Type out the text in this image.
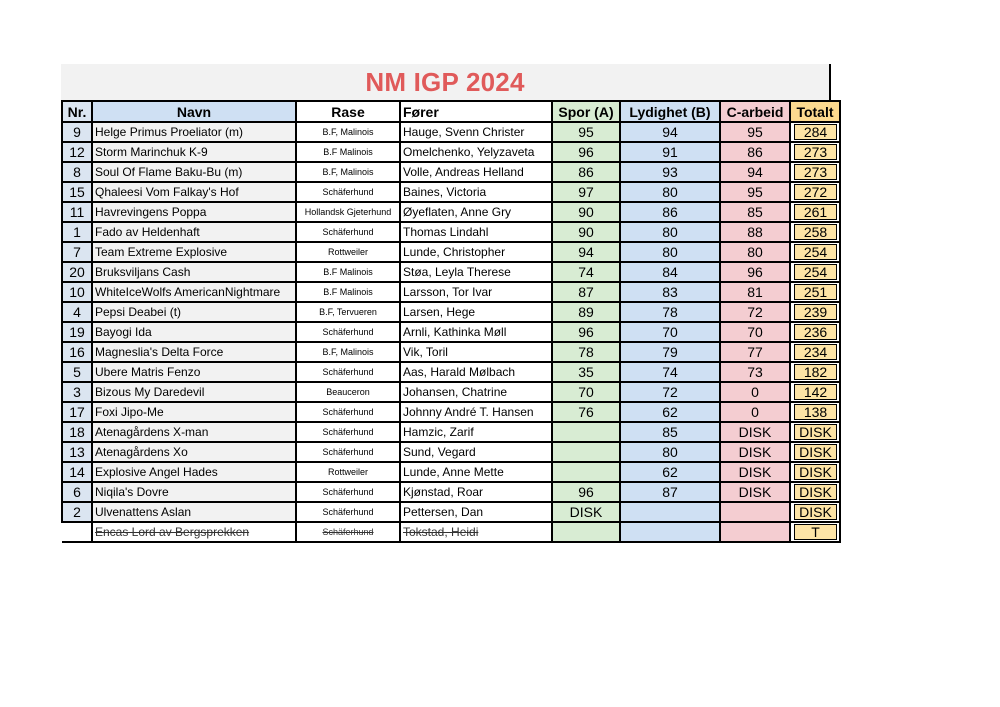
NM IGP 2024
Nr.	Navn	Rase	Fører	Spor (A)	Lydighet (B)	C-arbeid	Totalt
9	Helge Primus Proeliator (m)	B.F, Malinois	Hauge, Svenn Christer	95	94	95	284

12	Storm Marinchuk K-9	B.F Malinois	Omelchenko, Yelyzaveta	96	91	86	273

8	Soul Of Flame Baku-Bu (m)	B.F, Malinois	Volle, Andreas Helland	86	93	94	273

15	Qhaleesi Vom Falkay's Hof	Schäferhund	Baines, Victoria	97	80	95	272

11	Havrevingens Poppa	Hollandsk Gjeterhund	Øyeflaten, Anne Gry	90	86	85	261

1	Fado av Heldenhaft	Schäferhund	Thomas Lindahl	90	80	88	258

7	Team Extreme Explosive	Rottweiler	Lunde, Christopher	94	80	80	254

20	Bruksviljans Cash	B.F Malinois	Støa, Leyla Therese	74	84	96	254

10	WhiteIceWolfs AmericanNightmare	B.F Malinois	Larsson, Tor Ivar	87	83	81	251

4	Pepsi Deabei (t)	B.F, Tervueren	Larsen, Hege	89	78	72	239

19	Bayogi Ida	Schäferhund	Arnli, Kathinka Møll	96	70	70	236

16	Magneslia's Delta Force	B.F, Malinois	Vik, Toril	78	79	77	234

5	Ubere Matris Fenzo	Schäferhund	Aas, Harald Mølbach	35	74	73	182

3	Bizous My Daredevil	Beauceron	Johansen, Chatrine	70	72	0	142

17	Foxi Jipo-Me	Schäferhund	Johnny André T. Hansen	76	62	0	138

18	Atenagårdens X-man	Schäferhund	Hamzic, Zarif		85	DISK	DISK

13	Atenagårdens Xo	Schäferhund	Sund, Vegard		80	DISK	DISK

14	Explosive Angel Hades	Rottweiler	Lunde, Anne Mette		62	DISK	DISK

6	Niqila's Dovre	Schäferhund	Kjønstad, Roar	96	87	DISK	DISK

2	Ulvenattens Aslan	Schäferhund	Pettersen, Dan	DISK			DISK

	Encas Lord av Bergsprekken	Schäferhund	Tokstad, Heidi				T
